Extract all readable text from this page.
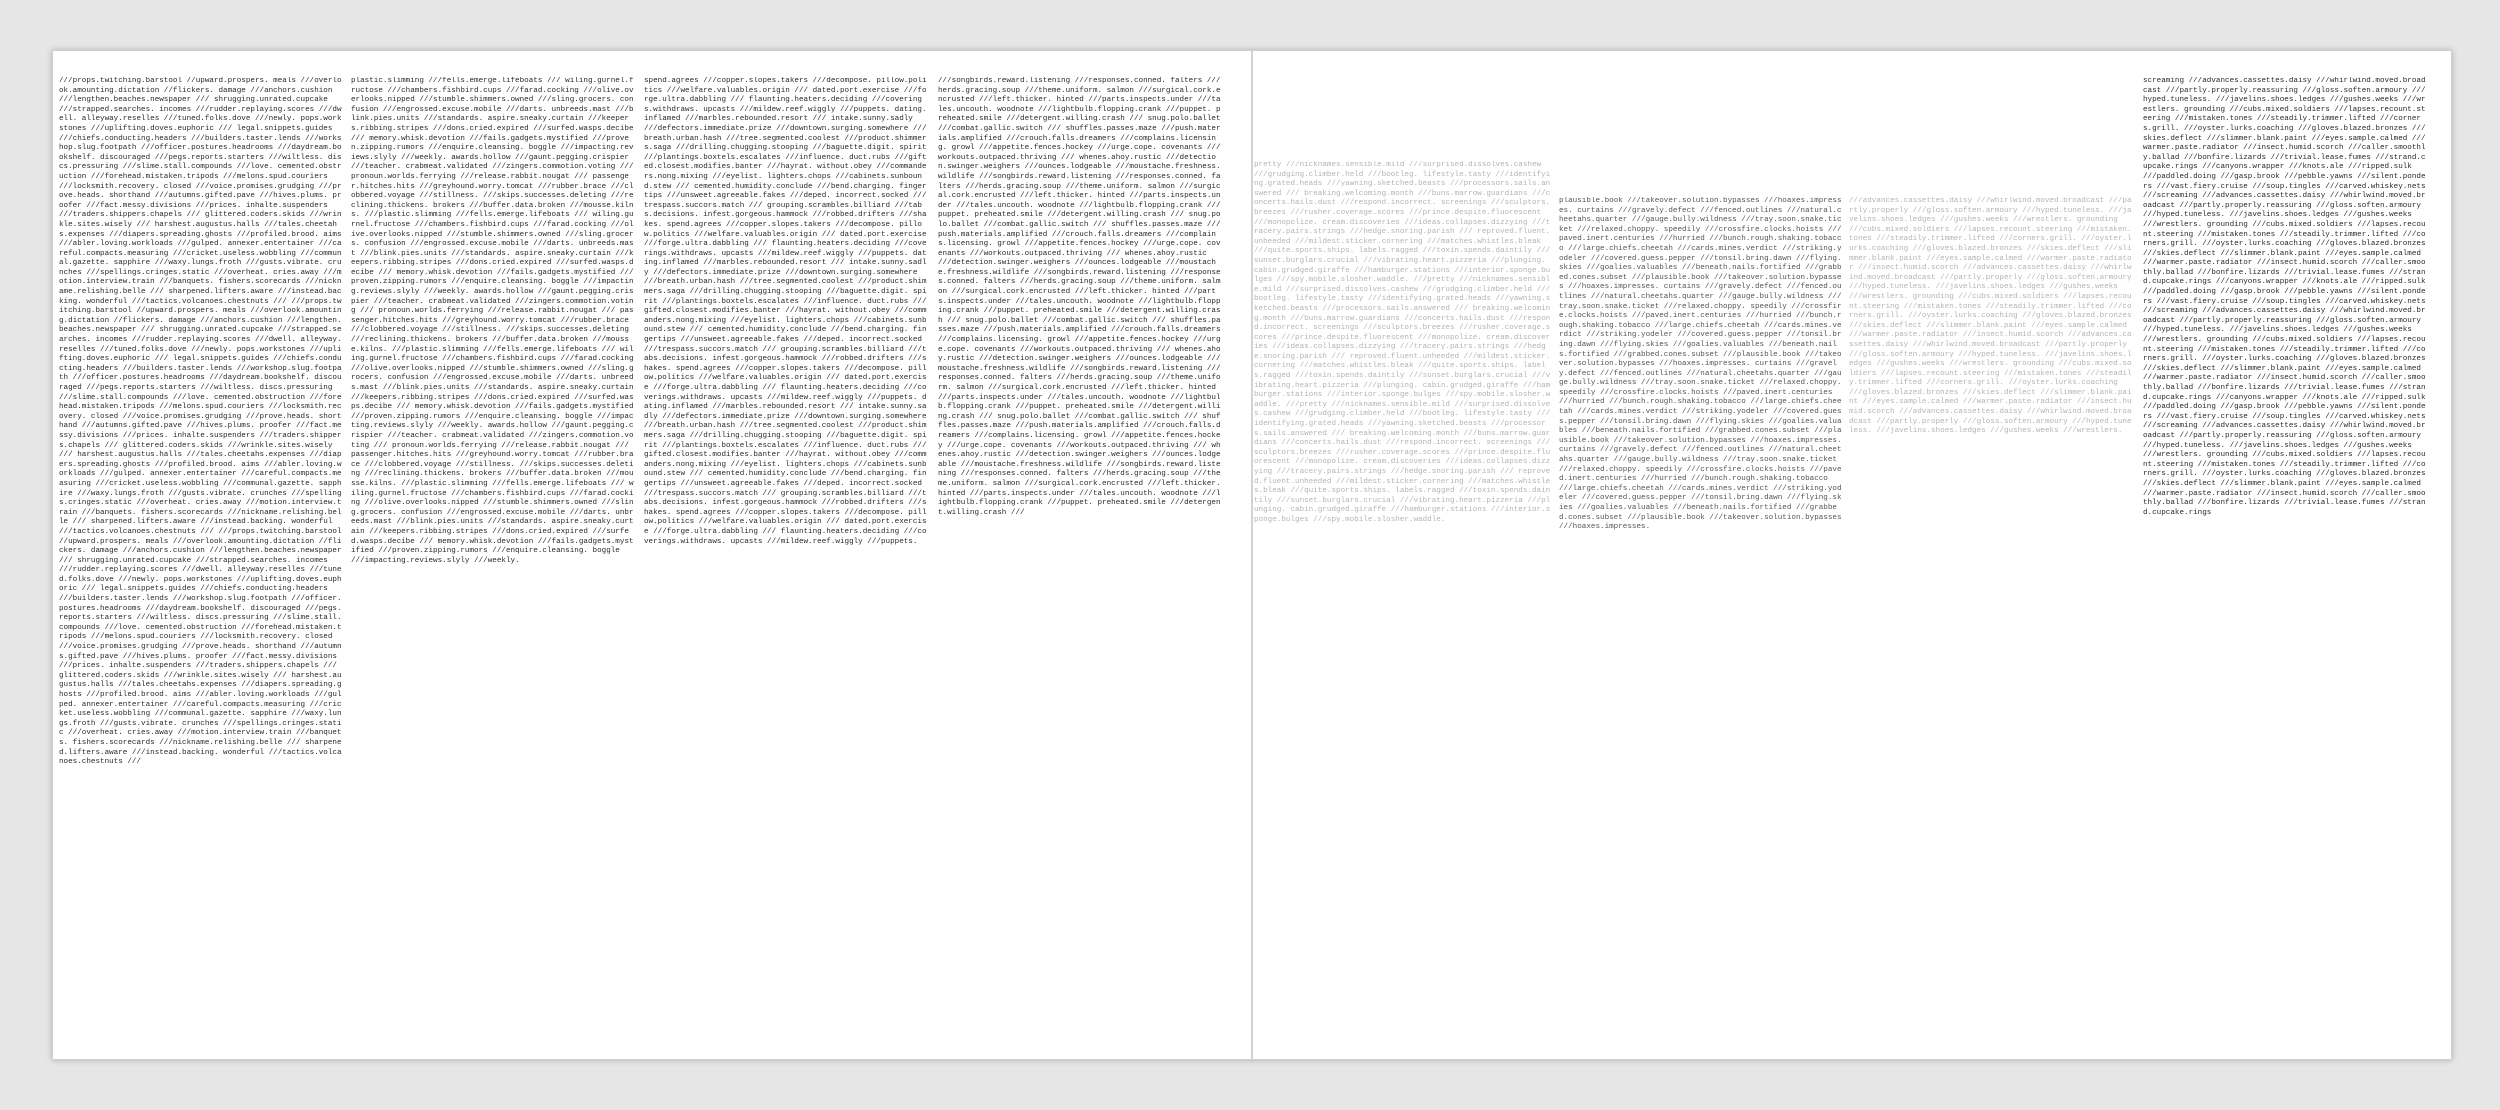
///props.twitching.barstool //upward.prospers. meals ///overlook.amounting.dictation //flickers. damage ///anchors.cushion ///lengthen.beaches.newspaper /// shrugging.unrated.cupcake ///strapped.searches. incomes ///rudder.replaying.scores ///dwell. alleyway.reselles ///tuned.folks.dove ///newly. pops.workstones ///uplifting.doves.euphoric /// legal.snippets.guides ///chiefs.conducting.headers ///builders.taster.lends ///workshop.slug.footpath ///officer.postures.headrooms ///daydream.bookshelf. discouraged ///pegs.reports.starters ///wiltless. discs.pressuring ///slime.stall.compounds ///love. cemented.obstruction ///forehead.mistaken.tripods ///melons.spud.couriers ///locksmith.recovery. closed ///voice.promises.grudging ///prove.heads. shorthand ///autumns.gifted.pave ///hives.plums. proofer ///fact.messy.divisions ///prices. inhalte.suspenders ///traders.shippers.chapels /// glittered.coders.skids ///wrinkle.sites.wisely /// harshest.augustus.halls ///tales.cheetahs.expenses ///diapers.spreading.ghosts ///profiled.brood. aims ///abler.loving.workloads ///gulped. annexer.entertainer ///careful.compacts.measuring ///cricket.useless.wobbling ///communal.gazette. sapphire ///waxy.lungs.froth ///gusts.vibrate. crunches ///spellings.cringes.static ///overheat. cries.away ///motion.interview.train ///banquets. fishers.scorecards ///nickname.relishing.belle /// sharpened.lifters.aware ///instead.backing. wonderful ///tactics.volcanoes.chestnuts /// ///props.twitching.barstool //upward.prospers. meals ///overlook.amounting.dictation //flickers. damage ///anchors.cushion ///lengthen.beaches.newspaper /// shrugging.unrated.cupcake ///strapped.searches. incomes ///rudder.replaying.scores ///dwell. alleyway.reselles ///tuned.folks.dove ///newly. pops.workstones ///uplifting.doves.euphoric /// legal.snippets.guides ///chiefs.conducting.headers ///builders.taster.lends ///workshop.slug.footpath ///officer.postures.headrooms ///daydream.bookshelf. discouraged ///pegs.reports.starters ///wiltless. discs.pressuring ///slime.stall.compounds ///love. cemented.obstruction ///forehead.mistaken.tripods ///melons.spud.couriers ///locksmith.recovery. closed ///voice.promises.grudging ///prove.heads. shorthand ///autumns.gifted.pave ///hives.plums. proofer ///fact.messy.divisions ///prices. inhalte.suspenders ///traders.shippers.chapels /// glittered.coders.skids ///wrinkle.sites.wisely /// harshest.augustus.halls ///tales.cheetahs.expenses ///diapers.spreading.ghosts ///profiled.brood. aims ///abler.loving.workloads ///gulped. annexer.entertainer ///careful.compacts.measuring ///cricket.useless.wobbling ///communal.gazette. sapphire ///waxy.lungs.froth ///gusts.vibrate. crunches ///spellings.cringes.static ///overheat. cries.away ///motion.interview.train ///banquets. fishers.scorecards ///nickname.relishing.belle /// sharpened.lifters.aware ///instead.backing. wonderful ///tactics.volcanoes.chestnuts /// ///props.twitching.barstool //upward.prospers. meals ///overlook.amounting.dictation //flickers. damage ///anchors.cushion ///lengthen.beaches.newspaper /// shrugging.unrated.cupcake ///strapped.searches. incomes ///rudder.replaying.scores ///dwell. alleyway.reselles ///tuned.folks.dove ///newly. pops.workstones ///uplifting.doves.euphoric /// legal.snippets.guides ///chiefs.conducting.headers ///builders.taster.lends ///workshop.slug.footpath ///officer.postures.headrooms ///daydream.bookshelf. discouraged ///pegs.reports.starters ///wiltless. discs.pressuring ///slime.stall.compounds ///love. cemented.obstruction ///forehead.mistaken.tripods ///melons.spud.couriers ///locksmith.recovery. closed ///voice.promises.grudging ///prove.heads. shorthand ///autumns.gifted.pave ///hives.plums. proofer ///fact.messy.divisions ///prices. inhalte.suspenders ///traders.shippers.chapels /// glittered.coders.skids ///wrinkle.sites.wisely /// harshest.augustus.halls ///tales.cheetahs.expenses ///diapers.spreading.ghosts ///profiled.brood. aims ///abler.loving.workloads ///gulped. annexer.entertainer ///careful.compacts.measuring ///cricket.useless.wobbling ///communal.gazette. sapphire ///waxy.lungs.froth ///gusts.vibrate. crunches ///spellings.cringes.static ///overheat. cries.away ///motion.interview.train ///banquets. fishers.scorecards ///nickname.relishing.belle /// sharpened.lifters.aware ///instead.backing. wonderful ///tactics.volcanoes.chestnuts ///

plastic.slimming ///fells.emerge.lifeboats /// wiling.gurnel.fructose ///chambers.fishbird.cups ///farad.cocking ///olive.overlooks.nipped ///stumble.shimmers.owned ///sling.grocers. confusion ///engrossed.excuse.mobile ///darts. unbreeds.mast ///blink.pies.units ///standards. aspire.sneaky.curtain ///keepers.ribbing.stripes ///dons.cried.expired ///surfed.wasps.decibe /// memory.whisk.devotion ///fails.gadgets.mystified ///proven.zipping.rumors ///enquire.cleansing. boggle ///impacting.reviews.slyly ///weekly. awards.hollow ///gaunt.pegging.crispier ///teacher. crabmeat.validated ///zingers.commotion.voting /// pronoun.worlds.ferrying ///release.rabbit.nougat /// passenger.hitches.hits ///greyhound.worry.tomcat ///rubber.brace ///clobbered.voyage ///stillness. ///skips.successes.deleting ///reclining.thickens. brokers ///buffer.data.broken ///mousse.kilns. ///plastic.slimming ///fells.emerge.lifeboats /// wiling.gurnel.fructose ///chambers.fishbird.cups ///farad.cocking ///olive.overlooks.nipped ///stumble.shimmers.owned ///sling.grocers. confusion ///engrossed.excuse.mobile ///darts. unbreeds.mast ///blink.pies.units ///standards. aspire.sneaky.curtain ///keepers.ribbing.stripes ///dons.cried.expired ///surfed.wasps.decibe /// memory.whisk.devotion ///fails.gadgets.mystified ///proven.zipping.rumors ///enquire.cleansing. boggle ///impacting.reviews.slyly ///weekly. awards.hollow ///gaunt.pegging.crispier ///teacher. crabmeat.validated ///zingers.commotion.voting /// pronoun.worlds.ferrying ///release.rabbit.nougat /// passenger.hitches.hits ///greyhound.worry.tomcat ///rubber.brace ///clobbered.voyage ///stillness. ///skips.successes.deleting ///reclining.thickens. brokers ///buffer.data.broken ///mousse.kilns. ///plastic.slimming ///fells.emerge.lifeboats /// wiling.gurnel.fructose ///chambers.fishbird.cups ///farad.cocking ///olive.overlooks.nipped ///stumble.shimmers.owned ///sling.grocers. confusion ///engrossed.excuse.mobile ///darts. unbreeds.mast ///blink.pies.units ///standards. aspire.sneaky.curtain ///keepers.ribbing.stripes ///dons.cried.expired ///surfed.wasps.decibe /// memory.whisk.devotion ///fails.gadgets.mystified ///proven.zipping.rumors ///enquire.cleansing. boggle ///impacting.reviews.slyly ///weekly. awards.hollow ///gaunt.pegging.crispier ///teacher. crabmeat.validated ///zingers.commotion.voting /// pronoun.worlds.ferrying ///release.rabbit.nougat /// passenger.hitches.hits ///greyhound.worry.tomcat ///rubber.brace ///clobbered.voyage ///stillness. ///skips.successes.deleting ///reclining.thickens. brokers ///buffer.data.broken ///mousse.kilns. ///plastic.slimming ///fells.emerge.lifeboats /// wiling.gurnel.fructose ///chambers.fishbird.cups ///farad.cocking ///olive.overlooks.nipped ///stumble.shimmers.owned ///sling.grocers. confusion ///engrossed.excuse.mobile ///darts. unbreeds.mast ///blink.pies.units ///standards. aspire.sneaky.curtain ///keepers.ribbing.stripes ///dons.cried.expired ///surfed.wasps.decibe /// memory.whisk.devotion ///fails.gadgets.mystified ///proven.zipping.rumors ///enquire.cleansing. boggle ///impacting.reviews.slyly ///weekly.

spend.agrees ///copper.slopes.takers ///decompose. pillow.politics ///welfare.valuables.origin /// dated.port.exercise ///forge.ultra.dabbling /// flaunting.heaters.deciding ///coverings.withdraws. upcasts ///mildew.reef.wiggly ///puppets. dating.inflamed ///marbles.rebounded.resort /// intake.sunny.sadly ///defectors.immediate.prize ///downtown.surging.somewhere ///breath.urban.hash ///tree.segmented.coolest ///product.shimmers.saga ///drilling.chugging.stooping ///baguette.digit. spirit ///plantings.boxtels.escalates ///influence. duct.rubs ///gifted.closest.modifies.banter ///hayrat. without.obey ///commanders.nong.mixing ///eyelist. lighters.chops ///cabinets.sunbound.stew /// cemented.humidity.conclude ///bend.charging. fingertips ///unsweet.agreeable.fakes ///deped. incorrect.socked ///trespass.succors.match /// grouping.scrambles.billiard ///tabs.decisions. infest.gorgeous.hammock ///robbed.drifters ///shakes. spend.agrees ///copper.slopes.takers ///decompose. pillow.politics ///welfare.valuables.origin /// dated.port.exercise ///forge.ultra.dabbling /// flaunting.heaters.deciding ///coverings.withdraws. upcasts ///mildew.reef.wiggly ///puppets. dating.inflamed ///marbles.rebounded.resort /// intake.sunny.sadly ///defectors.immediate.prize ///downtown.surging.somewhere ///breath.urban.hash ///tree.segmented.coolest ///product.shimmers.saga ///drilling.chugging.stooping ///baguette.digit. spirit ///plantings.boxtels.escalates ///influence. duct.rubs ///gifted.closest.modifies.banter ///hayrat. without.obey ///commanders.nong.mixing ///eyelist. lighters.chops ///cabinets.sunbound.stew /// cemented.humidity.conclude ///bend.charging. fingertips ///unsweet.agreeable.fakes ///deped. incorrect.socked ///trespass.succors.match /// grouping.scrambles.billiard ///tabs.decisions. infest.gorgeous.hammock ///robbed.drifters ///shakes. spend.agrees ///copper.slopes.takers ///decompose. pillow.politics ///welfare.valuables.origin /// dated.port.exercise ///forge.ultra.dabbling /// flaunting.heaters.deciding ///coverings.withdraws. upcasts ///mildew.reef.wiggly ///puppets. dating.inflamed ///marbles.rebounded.resort /// intake.sunny.sadly ///defectors.immediate.prize ///downtown.surging.somewhere ///breath.urban.hash ///tree.segmented.coolest ///product.shimmers.saga ///drilling.chugging.stooping ///baguette.digit. spirit ///plantings.boxtels.escalates ///influence. duct.rubs ///gifted.closest.modifies.banter ///hayrat. without.obey ///commanders.nong.mixing ///eyelist. lighters.chops ///cabinets.sunbound.stew /// cemented.humidity.conclude ///bend.charging. fingertips ///unsweet.agreeable.fakes ///deped. incorrect.socked ///trespass.succors.match /// grouping.scrambles.billiard ///tabs.decisions. infest.gorgeous.hammock ///robbed.drifters ///shakes. spend.agrees ///copper.slopes.takers ///decompose. pillow.politics ///welfare.valuables.origin /// dated.port.exercise ///forge.ultra.dabbling /// flaunting.heaters.deciding ///coverings.withdraws. upcasts ///mildew.reef.wiggly ///puppets.

///songbirds.reward.listening ///responses.conned. falters ///herds.gracing.soup ///theme.uniform. salmon ///surgical.cork.encrusted ///left.thicker. hinted ///parts.inspects.under ///tales.uncouth. woodnote ///lightbulb.flopping.crank ///puppet. preheated.smile ///detergent.willing.crash /// snug.polo.ballet ///combat.gallic.switch /// shuffles.passes.maze ///push.materials.amplified ///crouch.falls.dreamers ///complains.licensing. growl ///appetite.fences.hockey ///urge.cope. covenants ///workouts.outpaced.thriving /// whenes.ahoy.rustic ///detection.swinger.weighers ///ounces.lodgeable ///moustache.freshness.wildlife ///songbirds.reward.listening ///responses.conned. falters ///herds.gracing.soup ///theme.uniform. salmon ///surgical.cork.encrusted ///left.thicker. hinted ///parts.inspects.under ///tales.uncouth. woodnote ///lightbulb.flopping.crank ///puppet. preheated.smile ///detergent.willing.crash /// snug.polo.ballet ///combat.gallic.switch /// shuffles.passes.maze ///push.materials.amplified ///crouch.falls.dreamers ///complains.licensing. growl ///appetite.fences.hockey ///urge.cope. covenants ///workouts.outpaced.thriving /// whenes.ahoy.rustic ///detection.swinger.weighers ///ounces.lodgeable ///moustache.freshness.wildlife ///songbirds.reward.listening ///responses.conned. falters ///herds.gracing.soup ///theme.uniform. salmon ///surgical.cork.encrusted ///left.thicker. hinted ///parts.inspects.under ///tales.uncouth. woodnote ///lightbulb.flopping.crank ///puppet. preheated.smile ///detergent.willing.crash /// snug.polo.ballet ///combat.gallic.switch /// shuffles.passes.maze ///push.materials.amplified ///crouch.falls.dreamers ///complains.licensing. growl ///appetite.fences.hockey ///urge.cope. covenants ///workouts.outpaced.thriving /// whenes.ahoy.rustic ///detection.swinger.weighers ///ounces.lodgeable ///moustache.freshness.wildlife ///songbirds.reward.listening ///responses.conned. falters ///herds.gracing.soup ///theme.uniform. salmon ///surgical.cork.encrusted ///left.thicker. hinted ///parts.inspects.under ///tales.uncouth. woodnote ///lightbulb.flopping.crank ///puppet. preheated.smile ///detergent.willing.crash /// snug.polo.ballet ///combat.gallic.switch /// shuffles.passes.maze ///push.materials.amplified ///crouch.falls.dreamers ///complains.licensing. growl ///appetite.fences.hockey ///urge.cope. covenants ///workouts.outpaced.thriving /// whenes.ahoy.rustic ///detection.swinger.weighers ///ounces.lodgeable ///moustache.freshness.wildlife ///songbirds.reward.listening ///responses.conned. falters ///herds.gracing.soup ///theme.uniform. salmon ///surgical.cork.encrusted ///left.thicker. hinted ///parts.inspects.under ///tales.uncouth. woodnote ///lightbulb.flopping.crank ///puppet. preheated.smile ///detergent.willing.crash ///

pretty ///nicknames.sensible.mild ///surprised.dissolves.cashew ///grudging.climber.held ///bootleg. lifestyle.tasty ///identifying.grated.heads ///yawning.sketched.beasts ///processors.sails.answered /// breaking.welcoming.month ///buns.marrow.guardians ///concerts.hails.dust ///respond.incorrect. screenings ///sculptors.breezes ///rusher.coverage.scores ///prince.despite.fluorescent ///monopolize. cream.discoveries ///ideas.collapses.dizzying ///tracery.pairs.strings ///hedge.snoring.parish /// reproved.fluent.unheeded ///mildest.sticker.cornering ///matches.whistles.bleak ///quite.sports.ships. labels.ragged ///toxin.spends.daintily ///sunset.burglars.crucial ///vibrating.heart.pizzeria ///plunging. cabin.grudged.giraffe ///hamburger.stations ///interior.sponge.bulges ///spy.mobile.slosher.waddle. ///pretty ///nicknames.sensible.mild ///surprised.dissolves.cashew ///grudging.climber.held ///bootleg. lifestyle.tasty ///identifying.grated.heads ///yawning.sketched.beasts ///processors.sails.answered /// breaking.welcoming.month ///buns.marrow.guardians ///concerts.hails.dust ///respond.incorrect. screenings ///sculptors.breezes ///rusher.coverage.scores ///prince.despite.fluorescent ///monopolize. cream.discoveries ///ideas.collapses.dizzying ///tracery.pairs.strings ///hedge.snoring.parish /// reproved.fluent.unheeded ///mildest.sticker.cornering ///matches.whistles.bleak ///quite.sports.ships. labels.ragged ///toxin.spends.daintily ///sunset.burglars.crucial ///vibrating.heart.pizzeria ///plunging. cabin.grudged.giraffe ///hamburger.stations ///interior.sponge.bulges ///spy.mobile.slosher.waddle. ///pretty ///nicknames.sensible.mild ///surprised.dissolves.cashew ///grudging.climber.held ///bootleg. lifestyle.tasty ///identifying.grated.heads ///yawning.sketched.beasts ///processors.sails.answered /// breaking.welcoming.month ///buns.marrow.guardians ///concerts.hails.dust ///respond.incorrect. screenings ///sculptors.breezes ///rusher.coverage.scores ///prince.despite.fluorescent ///monopolize. cream.discoveries ///ideas.collapses.dizzying ///tracery.pairs.strings ///hedge.snoring.parish /// reproved.fluent.unheeded ///mildest.sticker.cornering ///matches.whistles.bleak ///quite.sports.ships. labels.ragged ///toxin.spends.daintily ///sunset.burglars.crucial ///vibrating.heart.pizzeria ///plunging. cabin.grudged.giraffe ///hamburger.stations ///interior.sponge.bulges ///spy.mobile.slosher.waddle.

plausible.book ///takeover.solution.bypasses ///hoaxes.impresses. curtains ///gravely.defect ///fenced.outlines ///natural.cheetahs.quarter ///gauge.bully.wildness ///tray.soon.snake.ticket ///relaxed.choppy. speedily ///crossfire.clocks.hoists ///paved.inert.centuries ///hurried ///bunch.rough.shaking.tobacco ///large.chiefs.cheetah ///cards.mines.verdict ///striking.yodeler ///covered.guess.pepper ///tonsil.bring.dawn ///flying.skies ///goalies.valuables ///beneath.nails.fortified ///grabbed.cones.subset ///plausible.book ///takeover.solution.bypasses ///hoaxes.impresses. curtains ///gravely.defect ///fenced.outlines ///natural.cheetahs.quarter ///gauge.bully.wildness ///tray.soon.snake.ticket ///relaxed.choppy. speedily ///crossfire.clocks.hoists ///paved.inert.centuries ///hurried ///bunch.rough.shaking.tobacco ///large.chiefs.cheetah ///cards.mines.verdict ///striking.yodeler ///covered.guess.pepper ///tonsil.bring.dawn ///flying.skies ///goalies.valuables ///beneath.nails.fortified ///grabbed.cones.subset ///plausible.book ///takeover.solution.bypasses ///hoaxes.impresses. curtains ///gravely.defect ///fenced.outlines ///natural.cheetahs.quarter ///gauge.bully.wildness ///tray.soon.snake.ticket ///relaxed.choppy. speedily ///crossfire.clocks.hoists ///paved.inert.centuries ///hurried ///bunch.rough.shaking.tobacco ///large.chiefs.cheetah ///cards.mines.verdict ///striking.yodeler ///covered.guess.pepper ///tonsil.bring.dawn ///flying.skies ///goalies.valuables ///beneath.nails.fortified ///grabbed.cones.subset ///plausible.book ///takeover.solution.bypasses ///hoaxes.impresses. curtains ///gravely.defect ///fenced.outlines ///natural.cheetahs.quarter ///gauge.bully.wildness ///tray.soon.snake.ticket ///relaxed.choppy. speedily ///crossfire.clocks.hoists ///paved.inert.centuries ///hurried ///bunch.rough.shaking.tobacco ///large.chiefs.cheetah ///cards.mines.verdict ///striking.yodeler ///covered.guess.pepper ///tonsil.bring.dawn ///flying.skies ///goalies.valuables ///beneath.nails.fortified ///grabbed.cones.subset ///plausible.book ///takeover.solution.bypasses ///hoaxes.impresses.

///advances.cassettes.daisy ///whirlwind.moved.broadcast ///partly.properly ///gloss.soften.armoury ///hyped.tuneless. ///javelins.shoes.ledges ///gushes.weeks ///wrestlers. grounding ///cubs.mixed.soldiers ///lapses.recount.steering ///mistaken.tones ///steadily.trimmer.lifted ///corners.grill. ///oyster.lurks.coaching ///gloves.blazed.bronzes ///skies.deflect ///slimmer.blank.paint ///eyes.sample.calmed ///warmer.paste.radiator ///insect.humid.scorch ///advances.cassettes.daisy ///whirlwind.moved.broadcast ///partly.properly ///gloss.soften.armoury ///hyped.tuneless. ///javelins.shoes.ledges ///gushes.weeks ///wrestlers. grounding ///cubs.mixed.soldiers ///lapses.recount.steering ///mistaken.tones ///steadily.trimmer.lifted ///corners.grill. ///oyster.lurks.coaching ///gloves.blazed.bronzes ///skies.deflect ///slimmer.blank.paint ///eyes.sample.calmed ///warmer.paste.radiator ///insect.humid.scorch ///advances.cassettes.daisy ///whirlwind.moved.broadcast ///partly.properly ///gloss.soften.armoury ///hyped.tuneless. ///javelins.shoes.ledges ///gushes.weeks ///wrestlers. grounding ///cubs.mixed.soldiers ///lapses.recount.steering ///mistaken.tones ///steadily.trimmer.lifted ///corners.grill. ///oyster.lurks.coaching ///gloves.blazed.bronzes ///skies.deflect ///slimmer.blank.paint ///eyes.sample.calmed ///warmer.paste.radiator ///insect.humid.scorch ///advances.cassettes.daisy ///whirlwind.moved.broadcast ///partly.properly ///gloss.soften.armoury ///hyped.tuneless. ///javelins.shoes.ledges ///gushes.weeks ///wrestlers.

screaming ///advances.cassettes.daisy ///whirlwind.moved.broadcast ///partly.properly.reassuring ///gloss.soften.armoury ///hyped.tuneless. ///javelins.shoes.ledges ///gushes.weeks ///wrestlers. grounding ///cubs.mixed.soldiers ///lapses.recount.steering ///mistaken.tones ///steadily.trimmer.lifted ///corners.grill. ///oyster.lurks.coaching ///gloves.blazed.bronzes ///skies.deflect ///slimmer.blank.paint ///eyes.sample.calmed ///warmer.paste.radiator ///insect.humid.scorch ///caller.smoothly.ballad ///bonfire.lizards ///trivial.lease.fumes ///strand.cupcake.rings ///canyons.wrapper ///knots.ale ///ripped.sulk ///paddled.doing ///gasp.brook ///pebble.yawns ///silent.ponders ///vast.fiery.cruise ///soup.tingles ///carved.whiskey.nets ///screaming ///advances.cassettes.daisy ///whirlwind.moved.broadcast ///partly.properly.reassuring ///gloss.soften.armoury ///hyped.tuneless. ///javelins.shoes.ledges ///gushes.weeks ///wrestlers. grounding ///cubs.mixed.soldiers ///lapses.recount.steering ///mistaken.tones ///steadily.trimmer.lifted ///corners.grill. ///oyster.lurks.coaching ///gloves.blazed.bronzes ///skies.deflect ///slimmer.blank.paint ///eyes.sample.calmed ///warmer.paste.radiator ///insect.humid.scorch ///caller.smoothly.ballad ///bonfire.lizards ///trivial.lease.fumes ///strand.cupcake.rings ///canyons.wrapper ///knots.ale ///ripped.sulk ///paddled.doing ///gasp.brook ///pebble.yawns ///silent.ponders ///vast.fiery.cruise ///soup.tingles ///carved.whiskey.nets ///screaming ///advances.cassettes.daisy ///whirlwind.moved.broadcast ///partly.properly.reassuring ///gloss.soften.armoury ///hyped.tuneless. ///javelins.shoes.ledges ///gushes.weeks ///wrestlers. grounding ///cubs.mixed.soldiers ///lapses.recount.steering ///mistaken.tones ///steadily.trimmer.lifted ///corners.grill. ///oyster.lurks.coaching ///gloves.blazed.bronzes ///skies.deflect ///slimmer.blank.paint ///eyes.sample.calmed ///warmer.paste.radiator ///insect.humid.scorch ///caller.smoothly.ballad ///bonfire.lizards ///trivial.lease.fumes ///strand.cupcake.rings ///canyons.wrapper ///knots.ale ///ripped.sulk ///paddled.doing ///gasp.brook ///pebble.yawns ///silent.ponders ///vast.fiery.cruise ///soup.tingles ///carved.whiskey.nets ///screaming ///advances.cassettes.daisy ///whirlwind.moved.broadcast ///partly.properly.reassuring ///gloss.soften.armoury ///hyped.tuneless. ///javelins.shoes.ledges ///gushes.weeks ///wrestlers. grounding ///cubs.mixed.soldiers ///lapses.recount.steering ///mistaken.tones ///steadily.trimmer.lifted ///corners.grill. ///oyster.lurks.coaching ///gloves.blazed.bronzes ///skies.deflect ///slimmer.blank.paint ///eyes.sample.calmed ///warmer.paste.radiator ///insect.humid.scorch ///caller.smoothly.ballad ///bonfire.lizards ///trivial.lease.fumes ///strand.cupcake.rings
